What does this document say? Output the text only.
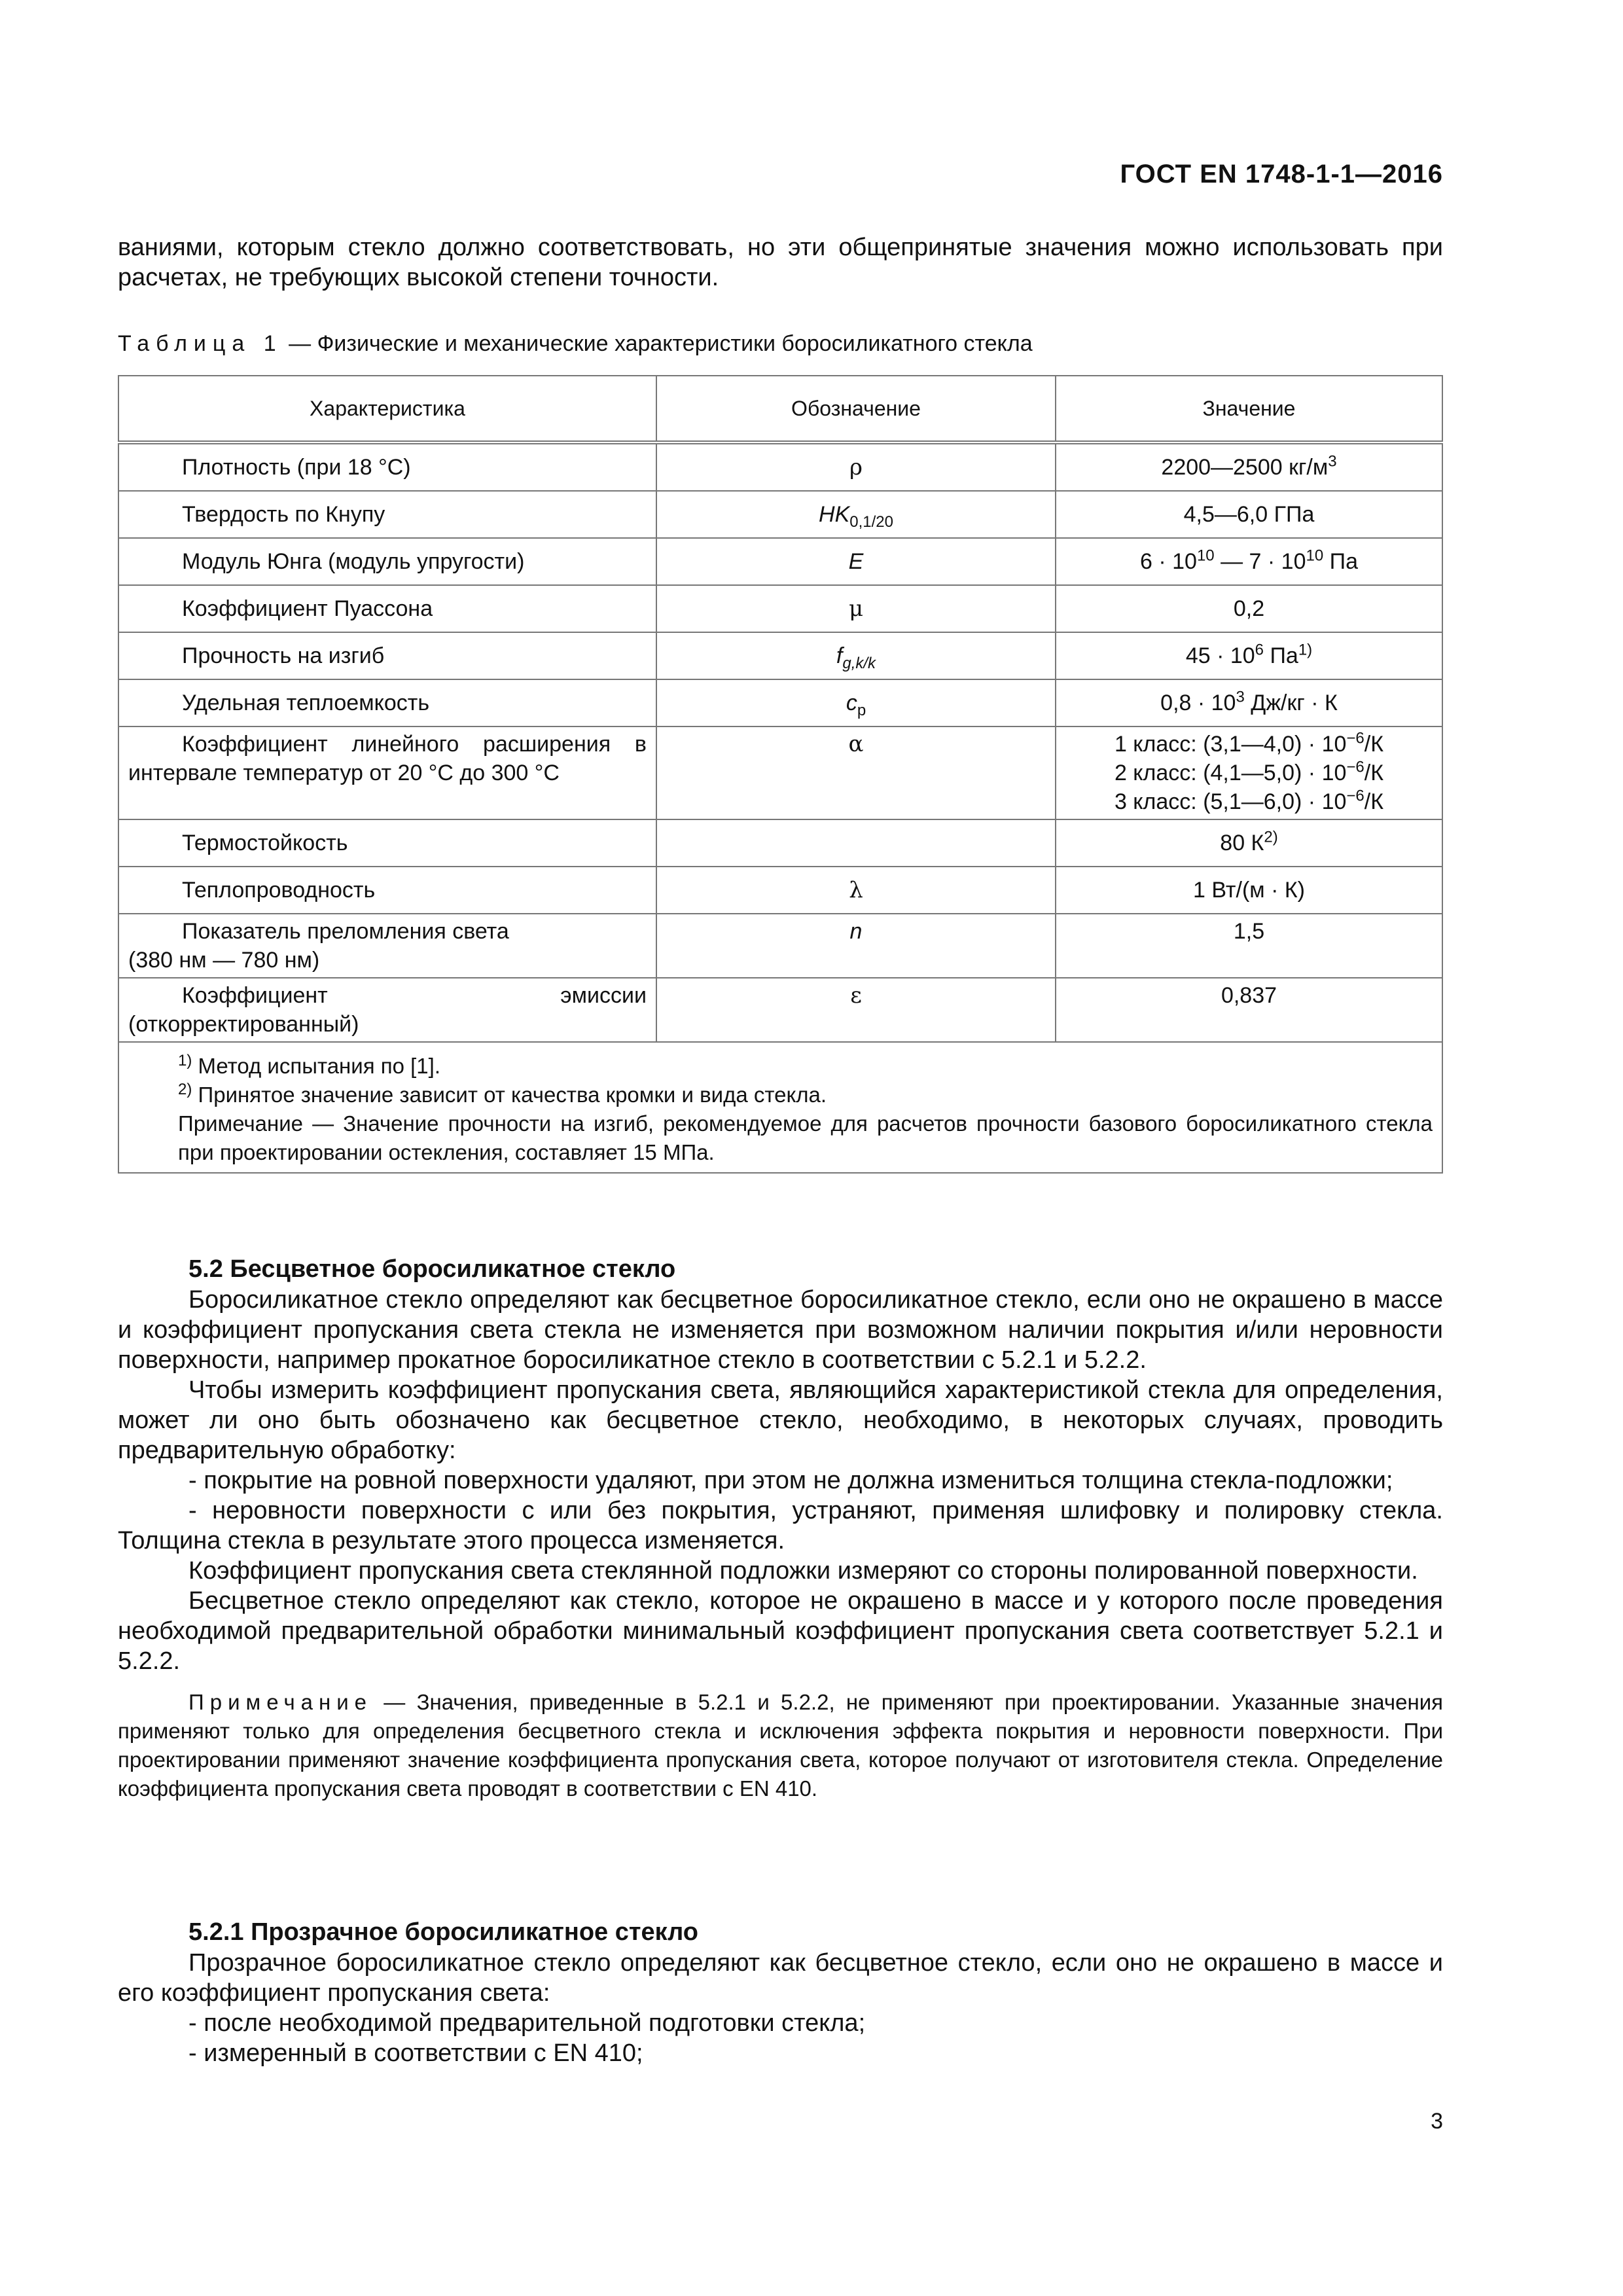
ГОСТ EN 1748-1-1—2016

ваниями, которым стекло должно соответствовать, но эти общепринятые значения можно использовать при расчетах, не требующих высокой степени точности.

Таблица 1 — Физические и механические характеристики боросиликатного стекла
Характеристика	Обозначение	Значение

Плотность (при 18 °C)	ρ	2200—2500 $кг/м^3$

Твердость по Кнупу	$HK_{0,1/20}$	4,5—6,0 ГПа

Модуль Юнга (модуль упругости)	E	$6 \cdot 10^{10}$ — $7 \cdot 10^{10}$ Па

Коэффициент Пуассона	μ	0,2

Прочность на изгиб	$f_{g,k/k}$	$45 \cdot 10^6$ $Па^{1)}$

Удельная теплоемкость	$c_p$	$0,8 \cdot 10^3$ Дж/кг · К

Коэффициент линейного расширения в интервале температур от 20 °C до 300 °C	α	1 класс: (3,1—4,0) · $10^{-6}/К$
2 класс: (4,1—5,0) · $10^{-6}/К$
3 класс: (5,1—6,0) · $10^{-6}/К$

Термостойкость		80 $К^{2)}$

Теплопроводность	λ	1 Вт/(м · К)

Показатель преломления света
(380 нм — 780 нм)	n	1,5

Коэффициент эмиссии (откорректированный)	ε	0,837

$^{1)}$ Метод испытания по [1].
$^{2)}$ Принятое значение зависит от качества кромки и вида стекла.
Примечание — Значение прочности на изгиб, рекомендуемое для расчетов прочности базового боросиликатного стекла при проектировании остекления, составляет 15 МПа.		
5.2 Бесцветное боросиликатное стекло

Боросиликатное стекло определяют как бесцветное боросиликатное стекло, если оно не окрашено в массе и коэффициент пропускания света стекла не изменяется при возможном наличии покрытия и/или неровности поверхности, например прокатное боросиликатное стекло в соответствии с 5.2.1 и 5.2.2.

Чтобы измерить коэффициент пропускания света, являющийся характеристикой стекла для определения, может ли оно быть обозначено как бесцветное стекло, необходимо, в некоторых случаях, проводить предварительную обработку:

- покрытие на ровной поверхности удаляют, при этом не должна измениться толщина стекла-подложки;

- неровности поверхности с или без покрытия, устраняют, применяя шлифовку и полировку стекла. Толщина стекла в результате этого процесса изменяется.

Коэффициент пропускания света стеклянной подложки измеряют со стороны полированной поверхности.

Бесцветное стекло определяют как стекло, которое не окрашено в массе и у которого после проведения необходимой предварительной обработки минимальный коэффициент пропускания света соответствует 5.2.1 и 5.2.2.

Примечание — Значения, приведенные в 5.2.1 и 5.2.2, не применяют при проектировании. Указанные значения применяют только для определения бесцветного стекла и исключения эффекта покрытия и неровности поверхности. При проектировании применяют значение коэффициента пропускания света, которое получают от изготовителя стекла. Определение коэффициента пропускания света проводят в соответствии с EN 410.

5.2.1 Прозрачное боросиликатное стекло

Прозрачное боросиликатное стекло определяют как бесцветное стекло, если оно не окрашено в массе и его коэффициент пропускания света:

- после необходимой предварительной подготовки стекла;

- измеренный в соответствии с EN 410;

3
